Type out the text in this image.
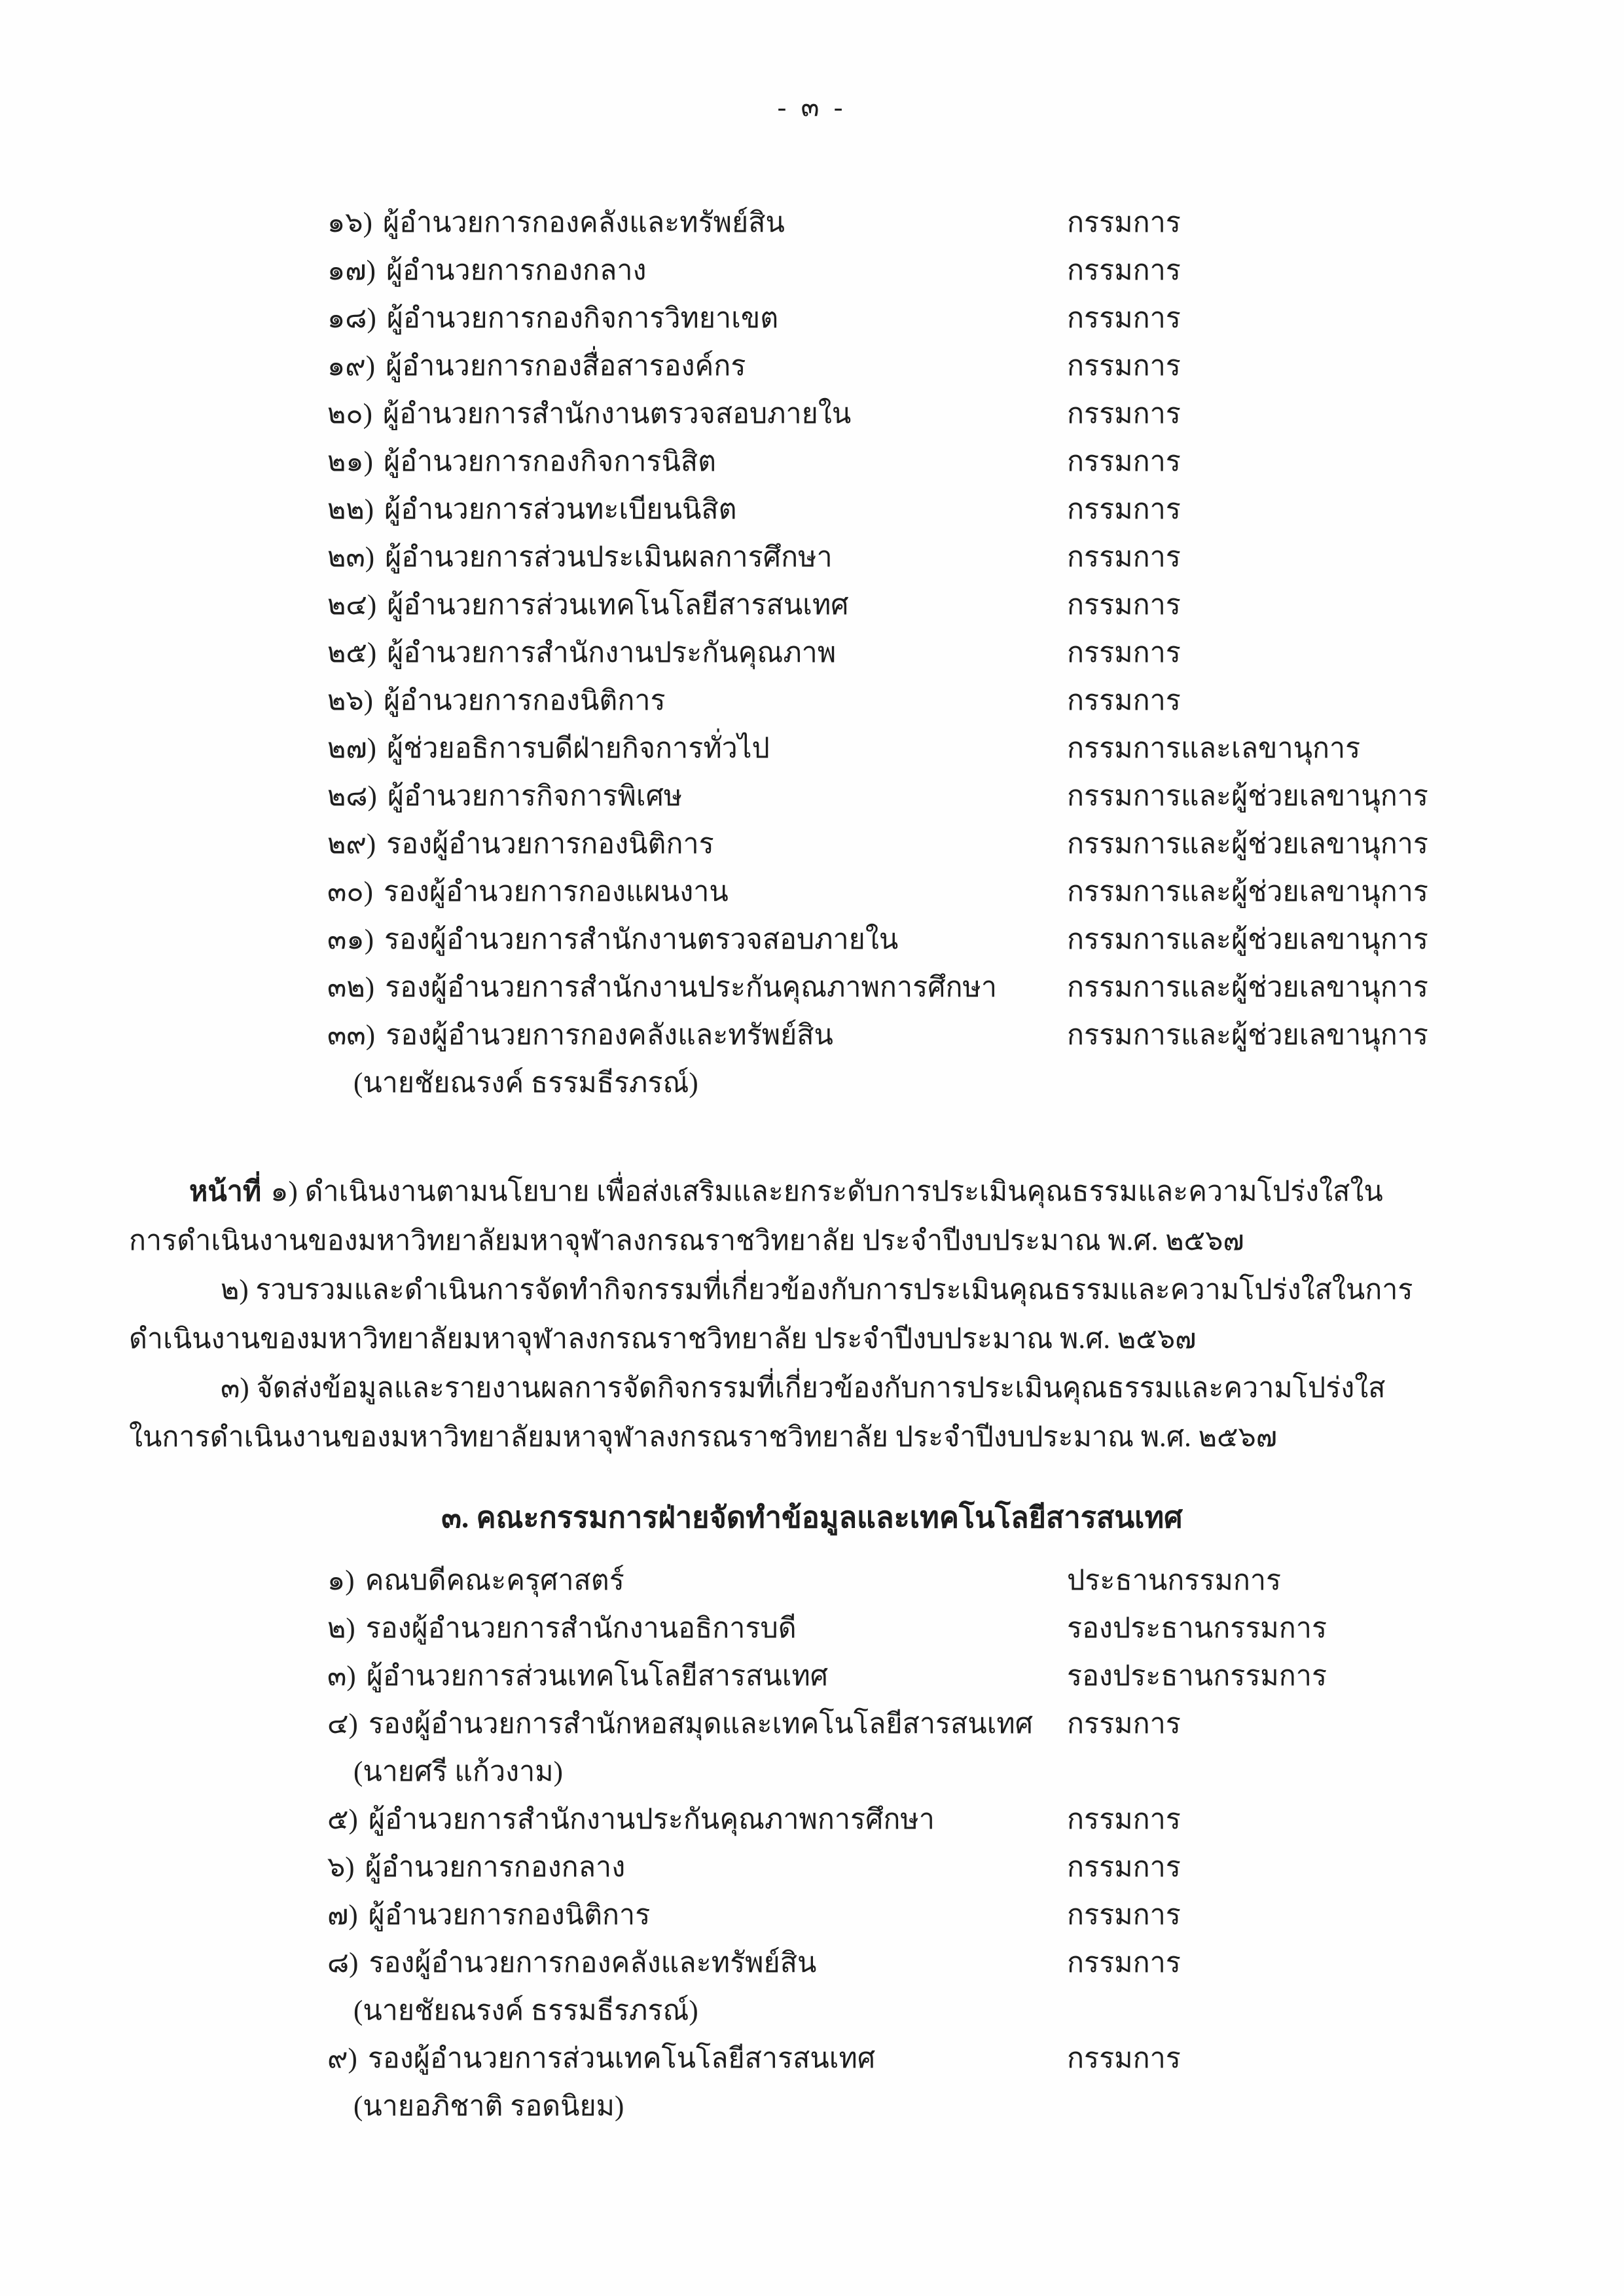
- ๓ -
๑๖) ผู้อำนวยการกองคลังและทรัพย์สิน	กรรมการ
๑๗) ผู้อำนวยการกองกลาง	กรรมการ
๑๘) ผู้อำนวยการกองกิจการวิทยาเขต	กรรมการ
๑๙) ผู้อำนวยการกองสื่อสารองค์กร	กรรมการ
๒๐) ผู้อำนวยการสำนักงานตรวจสอบภายใน	กรรมการ
๒๑) ผู้อำนวยการกองกิจการนิสิต	กรรมการ
๒๒) ผู้อำนวยการส่วนทะเบียนนิสิต	กรรมการ
๒๓) ผู้อำนวยการส่วนประเมินผลการศึกษา	กรรมการ
๒๔) ผู้อำนวยการส่วนเทคโนโลยีสารสนเทศ	กรรมการ
๒๕) ผู้อำนวยการสำนักงานประกันคุณภาพ	กรรมการ
๒๖) ผู้อำนวยการกองนิติการ	กรรมการ
๒๗) ผู้ช่วยอธิการบดีฝ่ายกิจการทั่วไป	กรรมการและเลขานุการ
๒๘) ผู้อำนวยการกิจการพิเศษ	กรรมการและผู้ช่วยเลขานุการ
๒๙) รองผู้อำนวยการกองนิติการ	กรรมการและผู้ช่วยเลขานุการ
๓๐) รองผู้อำนวยการกองแผนงาน	กรรมการและผู้ช่วยเลขานุการ
๓๑) รองผู้อำนวยการสำนักงานตรวจสอบภายใน	กรรมการและผู้ช่วยเลขานุการ
๓๒) รองผู้อำนวยการสำนักงานประกันคุณภาพการศึกษา กรรมการและผู้ช่วยเลขานุการ
๓๓) รองผู้อำนวยการกองคลังและทรัพย์สิน	กรรมการและผู้ช่วยเลขานุการ
(นายชัยณรงค์ ธรรมธีรภรณ์)
หน้าที่ ๑) ดำเนินงานตามนโยบาย เพื่อส่งเสริมและยกระดับการประเมินคุณธรรมและความโปร่งใสใน
การดำเนินงานของมหาวิทยาลัยมหาจุฬาลงกรณราชวิทยาลัย ประจำปีงบประมาณ พ.ศ. ๒๕๖๗
๒) รวบรวมและดำเนินการจัดทำกิจกรรมที่เกี่ยวข้องกับการประเมินคุณธรรมและความโปร่งใสในการ
ดำเนินงานของมหาวิทยาลัยมหาจุฬาลงกรณราชวิทยาลัย ประจำปีงบประมาณ พ.ศ. ๒๕๖๗
๓) จัดส่งข้อมูลและรายงานผลการจัดกิจกรรมที่เกี่ยวข้องกับการประเมินคุณธรรมและความโปร่งใส
ในการดำเนินงานของมหาวิทยาลัยมหาจุฬาลงกรณราชวิทยาลัย ประจำปีงบประมาณ พ.ศ. ๒๕๖๗
๓. คณะกรรมการฝ่ายจัดทำข้อมูลและเทคโนโลยีสารสนเทศ
๑) คณบดีคณะครุศาสตร์	ประธานกรรมการ
๒) รองผู้อำนวยการสำนักงานอธิการบดี	รองประธานกรรมการ
๓) ผู้อำนวยการส่วนเทคโนโลยีสารสนเทศ	รองประธานกรรมการ
๔) รองผู้อำนวยการสำนักหอสมุดและเทคโนโลยีสารสนเทศ กรรมการ
(นายศรี แก้วงาม)
๕) ผู้อำนวยการสำนักงานประกันคุณภาพการศึกษา	กรรมการ
๖) ผู้อำนวยการกองกลาง	กรรมการ
๗) ผู้อำนวยการกองนิติการ	กรรมการ
๘) รองผู้อำนวยการกองคลังและทรัพย์สิน	กรรมการ
(นายชัยณรงค์ ธรรมธีรภรณ์)
๙) รองผู้อำนวยการส่วนเทคโนโลยีสารสนเทศ	กรรมการ
(นายอภิชาติ รอดนิยม)
